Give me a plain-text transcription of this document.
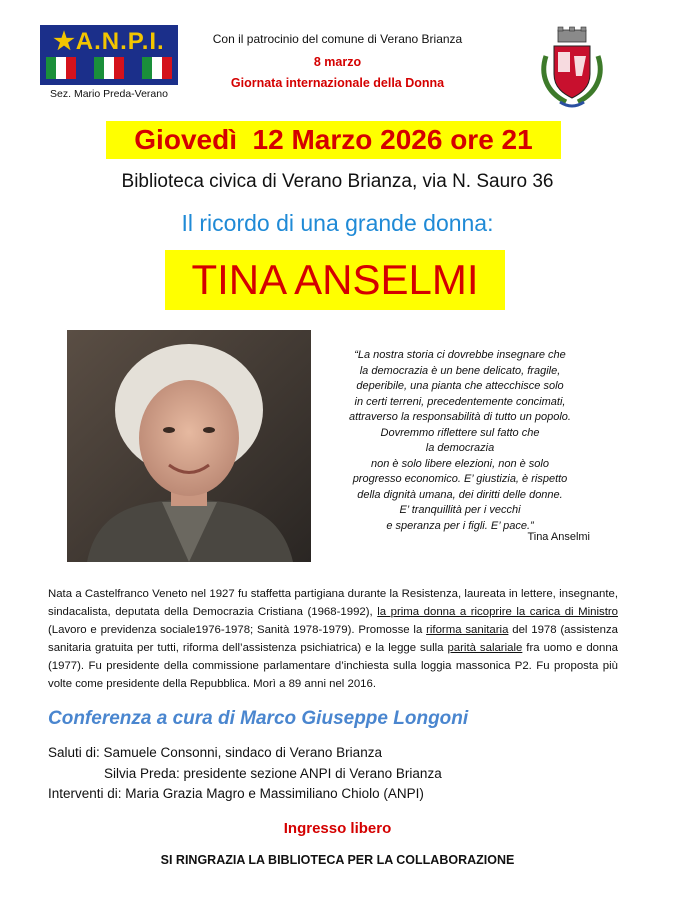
★A.N.P.I.
Sez. Mario Preda-Verano
Con il patrocinio del comune di Verano Brianza
8 marzo
Giornata internazionale della Donna
Giovedì  12 Marzo 2026 ore 21
Biblioteca civica di Verano Brianza, via N. Sauro 36
Il ricordo di una grande donna:
TINA ANSELMI
“La nostra storia ci dovrebbe insegnare che
la democrazia è un bene delicato, fragile,
deperibile, una pianta che attecchisce solo
in certi terreni, precedentemente concimati,
attraverso la responsabilità di tutto un popolo.
Dovremmo riflettere sul fatto che
la democrazia
non è solo libere elezioni, non è solo
progresso economico. E’ giustizia, è rispetto
della dignità umana, dei diritti delle donne.
E’ tranquillità per i vecchi
e speranza per i figli. E’ pace.”
Tina Anselmi
Nata a Castelfranco Veneto nel 1927 fu staffetta partigiana durante la Resistenza, laureata in lettere, insegnante, sindacalista, deputata della Democrazia Cristiana (1968-1992), la prima donna a ricoprire la carica di Ministro (Lavoro e previdenza sociale1976-1978; Sanità 1978-1979). Promosse la riforma sanitaria del 1978 (assistenza sanitaria gratuita per tutti, riforma dell’assistenza psichiatrica) e la legge sulla parità salariale fra uomo e donna (1977). Fu presidente della commissione parlamentare d’inchiesta sulla loggia massonica P2. Fu proposta più volte come presidente della Repubblica. Morì a 89 anni nel 2016.
Conferenza a cura di Marco Giuseppe Longoni
Saluti di: Samuele Consonni, sindaco di Verano Brianza
Silvia Preda: presidente sezione ANPI di Verano Brianza
Interventi di: Maria Grazia Magro e Massimiliano Chiolo (ANPI)
Ingresso libero
SI RINGRAZIA LA BIBLIOTECA PER LA COLLABORAZIONE
